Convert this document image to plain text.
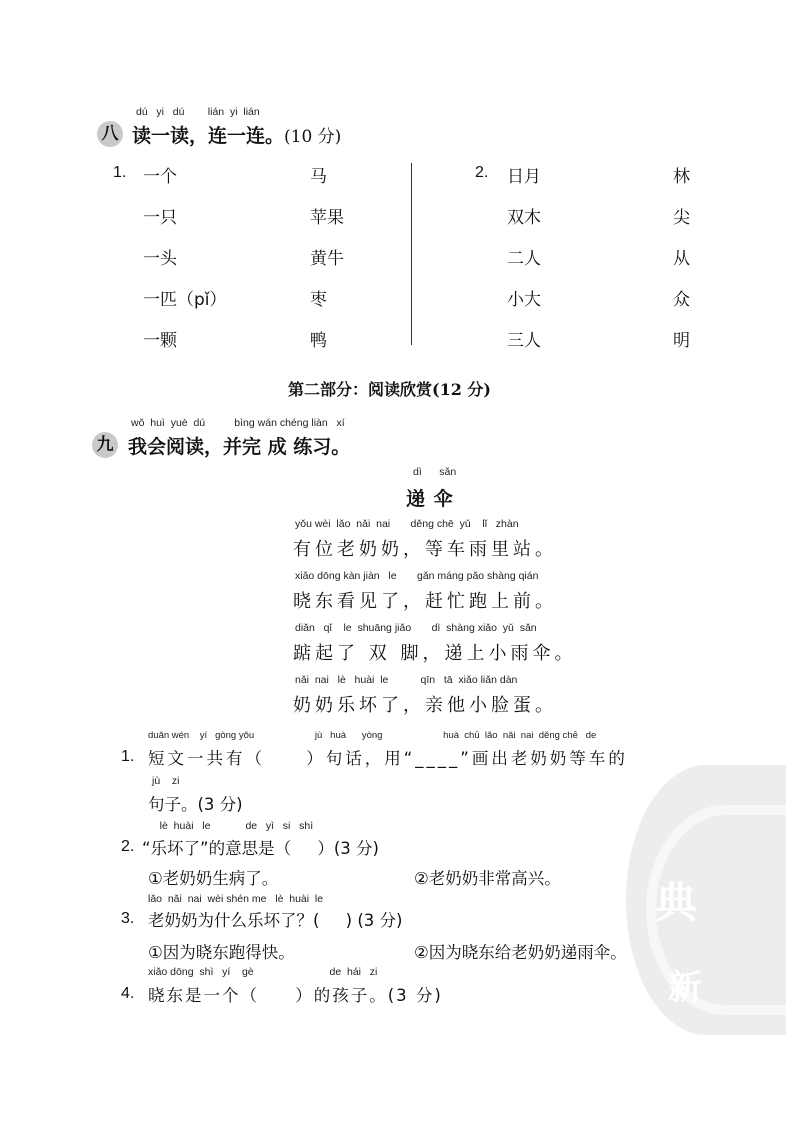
典
新
dú   yi   dú        lián  yi  lián
八 读一读，连一连。(10 分)
1. 一个
一只
一头
一匹（pǐ）
一颗
马
苹果
黄牛
枣
鸭
2. 日月
双木
二人
小大
三人
林
尖
从
众
明
第二部分：阅读欣赏(12 分)
wǒ  huì  yuè  dú          bìng wán chéng liàn   xí
九 我会阅读，并完 成 练习。
dì      sǎn
递 伞
yǒu wèi  lǎo  nǎi  nai       děng chē  yǔ    lǐ   zhàn
有位老奶奶，等车雨里站。
xiǎo dōng kàn jiàn   le       gǎn máng pǎo shàng qián
晓东看见了，赶忙跑上前。
diǎn   qǐ    le  shuāng jiǎo       dì  shàng xiǎo  yǔ  sǎn
踮起了 双 脚，递上小雨伞。
nǎi  nai   lè   huài  le           qīn   tā  xiǎo liǎn dàn
奶奶乐坏了，亲他小脸蛋。
duǎn wén    yí   gòng yǒu                       jù   huà      yòng                       huà  chū  lǎo  nǎi  nai  děng chē   de
1. 短文一共有（     ）句话，用“____”画出老奶奶等车的
jù    zi
句子。(3 分)
lè  huài   le            de   yì   si   shì
2. “乐坏了”的意思是（     ）(3 分)
①老奶奶生病了。	②老奶奶非常高兴。
lǎo  nǎi  nai  wèi shén me   lè  huài  le
3. 老奶奶为什么乐坏了？(     ) (3 分)
①因为晓东跑得快。	②因为晓东给老奶奶递雨伞。
xiǎo dōng  shì   yí    gè                          de  hái   zi
4. 晓东是一个（     ）的孩子。(3 分)
